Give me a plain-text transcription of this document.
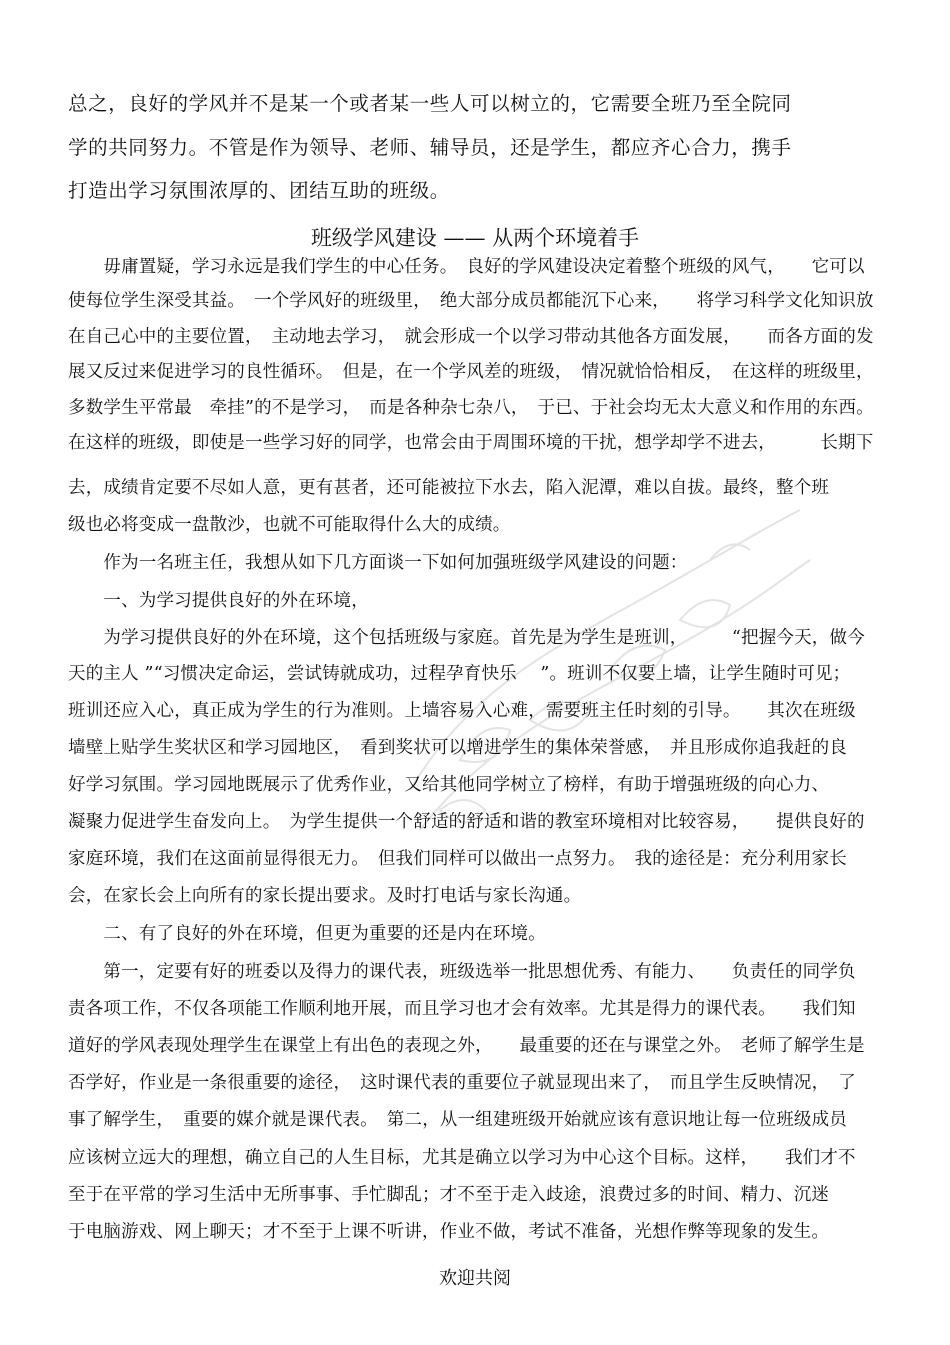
总之，良好的学风并不是某一个或者某一些人可以树立的，它需要全班乃至全院同
学的共同努力。不管是作为领导、老师、辅导员，还是学生，都应齐心合力，携手
打造出学习氛围浓厚的、团结互助的班级。
班级学风建设 —— 从两个环境着手
　　毋庸置疑，学习永远是我们学生的中心任务。　良好的学风建设决定着整个班级的风气，　　它可以
使每位学生深受其益。　一个学风好的班级里，　绝大部分成员都能沉下心来，　　将学习科学文化知识放
在自己心中的主要位置，　主动地去学习，　就会形成一个以学习带动其他各方面发展，　　而各方面的发
展又反过来促进学习的良性循环。　但是，在一个学风差的班级，　情况就恰恰相反，　在这样的班级里，
多数学生平常最　牵挂”的不是学习，　而是各种杂七杂八，　于已、于社会均无太大意义和作用的东西。
在这样的班级，即使是一些学习好的同学，也常会由于周围环境的干扰，想学却学不进去，　　　长期下
去，成绩肯定要不尽如人意，更有甚者，还可能被拉下水去，陷入泥潭，难以自拔。最终，整个班
级也必将变成一盘散沙，也就不可能取得什么大的成绩。
　　作为一名班主任，我想从如下几方面谈一下如何加强班级学风建设的问题：
　　一、为学习提供良好的外在环境，
　　为学习提供良好的外在环境，这个包括班级与家庭。首先是为学生是班训，　　　“把握今天，做今
天的主人 ”“习惯决定命运，尝试铸就成功，过程孕育快乐　 ”。班训不仅要上墙，让学生随时可见；
班训还应入心，真正成为学生的行为准则。上墙容易入心难，需要班主任时刻的引导。　　其次在班级
墙壁上贴学生奖状区和学习园地区，　看到奖状可以增进学生的集体荣誉感，　并且形成你追我赶的良
好学习氛围。学习园地既展示了优秀作业，又给其他同学树立了榜样，有助于增强班级的向心力、
凝聚力促进学生奋发向上。　为学生提供一个舒适的舒适和谐的教室环境相对比较容易，　　提供良好的
家庭环境，我们在这面前显得很无力。　但我们同样可以做出一点努力。　我的途径是：充分利用家长
会，在家长会上向所有的家长提出要求。及时打电话与家长沟通。
　　二、有了良好的外在环境，但更为重要的还是内在环境。
　　第一，定要有好的班委以及得力的课代表，班级选举一批思想优秀、有能力、　　负责任的同学负
责各项工作，不仅各项能工作顺利地开展，而且学习也才会有效率。尤其是得力的课代表。　　我们知
道好的学风表现处理学生在课堂上有出色的表现之外，　　最重要的还在与课堂之外。　老师了解学生是
否学好，作业是一条很重要的途径，　这时课代表的重要位子就显现出来了，　而且学生反映情况，　了
事了解学生，　重要的媒介就是课代表。　第二，从一组建班级开始就应该有意识地让每一位班级成员
应该树立远大的理想，确立自己的人生目标，尤其是确立以学习为中心这个目标。这样，　　我们才不
至于在平常的学习生活中无所事事、手忙脚乱；才不至于走入歧途，浪费过多的时间、精力、沉迷
于电脑游戏、网上聊天；才不至于上课不听讲，作业不做，考试不准备，光想作弊等现象的发生。
欢迎共阅
